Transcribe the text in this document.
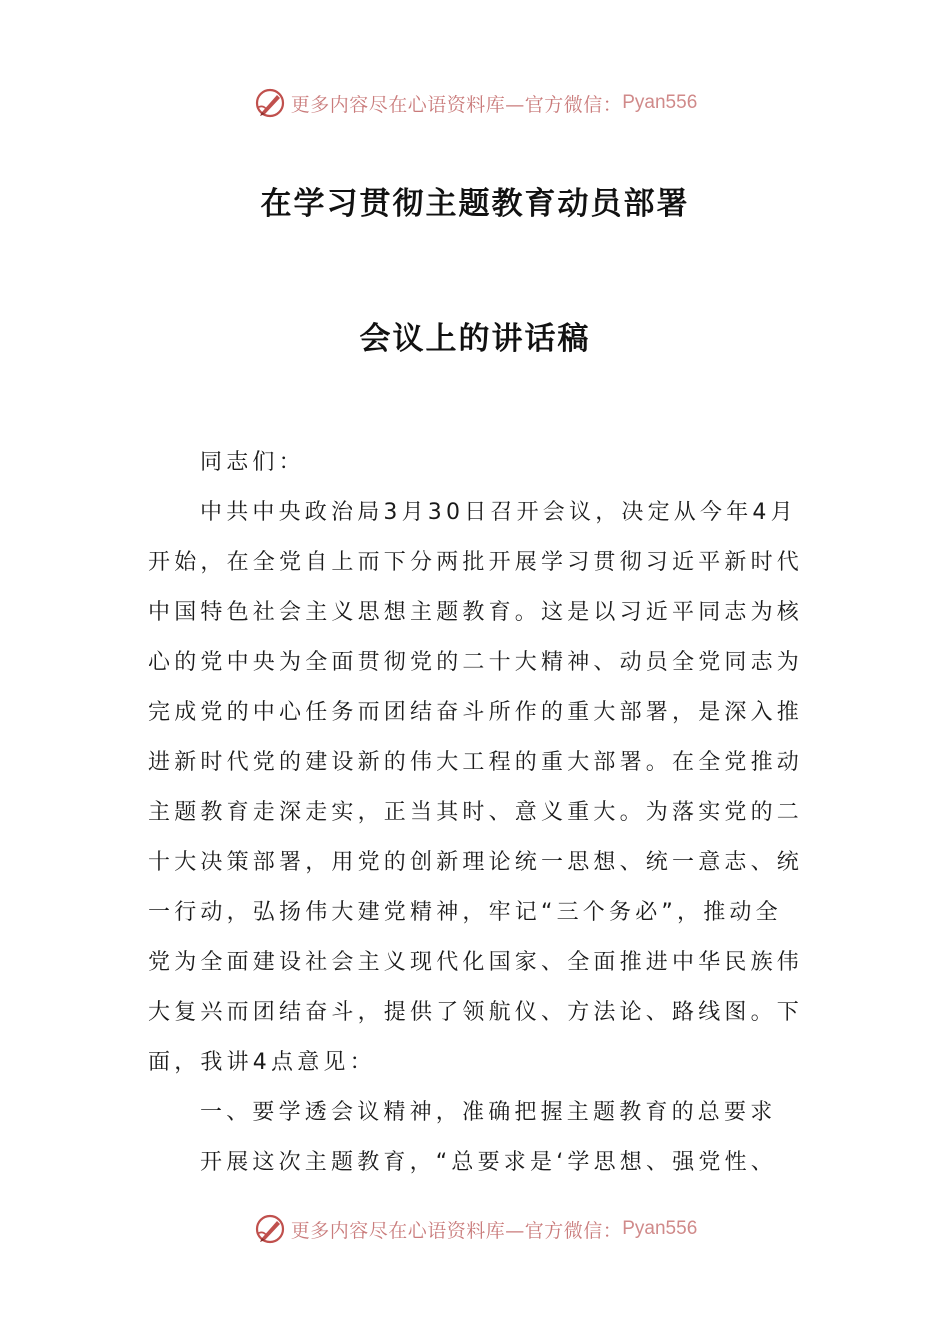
更多内容尽在心语资料库—官方微信： Pyan556
在学习贯彻主题教育动员部署
会议上的讲话稿
同志们：
中共中央政治局3月30日召开会议，决定从今年4月
开始，在全党自上而下分两批开展学习贯彻习近平新时代
中国特色社会主义思想主题教育。这是以习近平同志为核
心的党中央为全面贯彻党的二十大精神、动员全党同志为
完成党的中心任务而团结奋斗所作的重大部署，是深入推
进新时代党的建设新的伟大工程的重大部署。在全党推动
主题教育走深走实，正当其时、意义重大。为落实党的二
十大决策部署，用党的创新理论统一思想、统一意志、统
一行动，弘扬伟大建党精神，牢记“三个务必”，推动全
党为全面建设社会主义现代化国家、全面推进中华民族伟
大复兴而团结奋斗，提供了领航仪、方法论、路线图。下
面，我讲4点意见：
一、要学透会议精神，准确把握主题教育的总要求
开展这次主题教育，“总要求是‘学思想、强党性、
更多内容尽在心语资料库—官方微信： Pyan556
